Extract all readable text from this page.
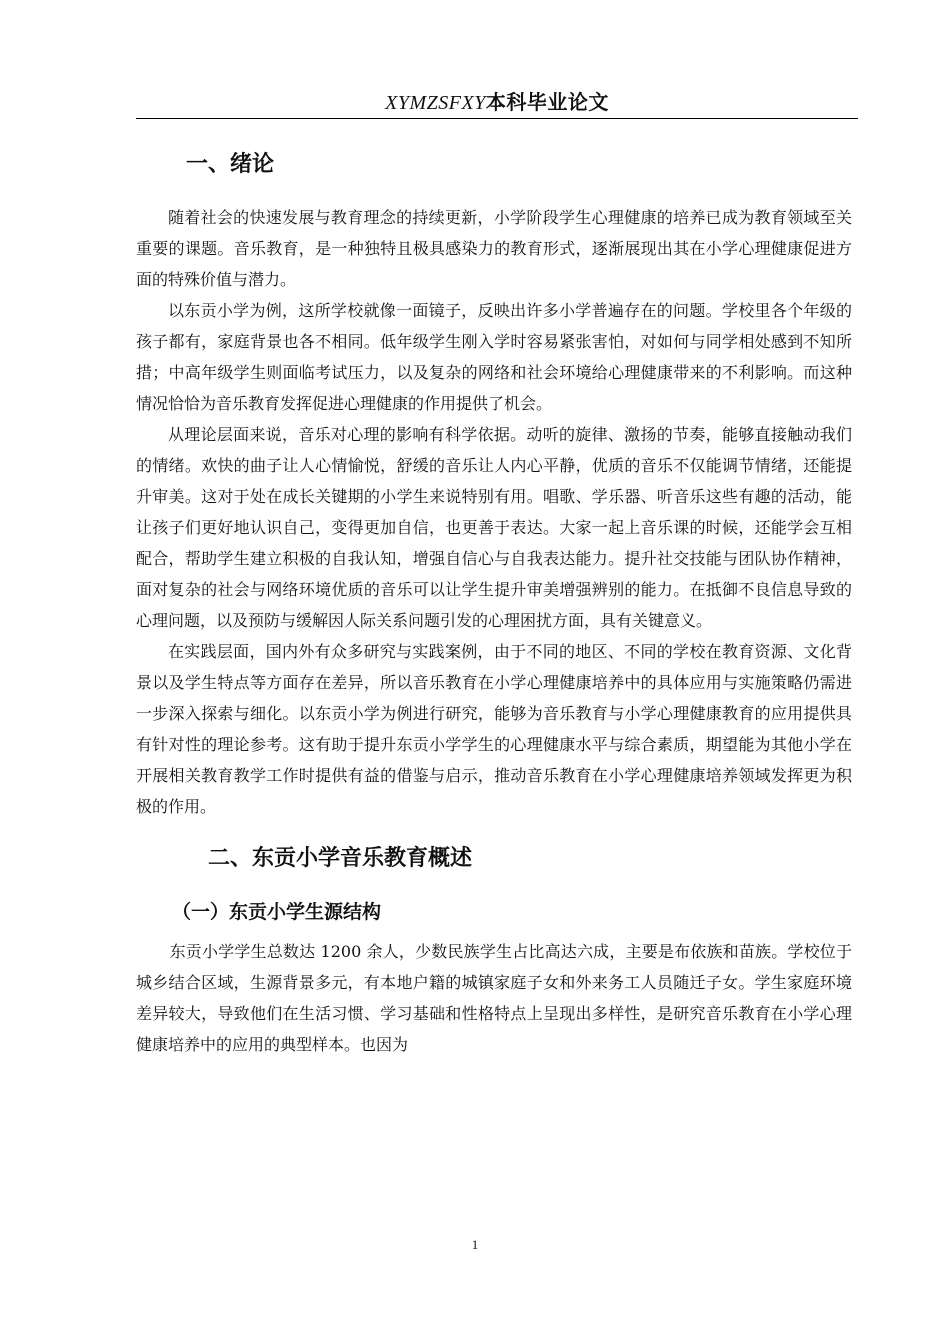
XYMZSFXY本科毕业论文
一、绪论

随着社会的快速发展与教育理念的持续更新，小学阶段学生心理健康的培养已成为教育领域至关重要的课题。音乐教育，是一种独特且极具感染力的教育形式，逐渐展现出其在小学心理健康促进方面的特殊价值与潜力。

以东贡小学为例，这所学校就像一面镜子，反映出许多小学普遍存在的问题。学校里各个年级的孩子都有，家庭背景也各不相同。低年级学生刚入学时容易紧张害怕，对如何与同学相处感到不知所措；中高年级学生则面临考试压力，以及复杂的网络和社会环境给心理健康带来的不利影响。而这种情况恰恰为音乐教育发挥促进心理健康的作用提供了机会。

从理论层面来说，音乐对心理的影响有科学依据。动听的旋律、激扬的节奏，能够直接触动我们的情绪。欢快的曲子让人心情愉悦，舒缓的音乐让人内心平静，优质的音乐不仅能调节情绪，还能提升审美。这对于处在成长关键期的小学生来说特别有用。唱歌、学乐器、听音乐这些有趣的活动，能让孩子们更好地认识自己，变得更加自信，也更善于表达。大家一起上音乐课的时候，还能学会互相配合，帮助学生建立积极的自我认知，增强自信心与自我表达能力。提升社交技能与团队协作精神，面对复杂的社会与网络环境优质的音乐可以让学生提升审美增强辨别的能力。在抵御不良信息导致的心理问题，以及预防与缓解因人际关系问题引发的心理困扰方面，具有关键意义。

在实践层面，国内外有众多研究与实践案例，由于不同的地区、不同的学校在教育资源、文化背景以及学生特点等方面存在差异，所以音乐教育在小学心理健康培养中的具体应用与实施策略仍需进一步深入探索与细化。以东贡小学为例进行研究，能够为音乐教育与小学心理健康教育的应用提供具有针对性的理论参考。这有助于提升东贡小学学生的心理健康水平与综合素质，期望能为其他小学在开展相关教育教学工作时提供有益的借鉴与启示，推动音乐教育在小学心理健康培养领域发挥更为积极的作用。

二、东贡小学音乐教育概述
（一）东贡小学生源结构

东贡小学学生总数达 1200 余人，少数民族学生占比高达六成，主要是布依族和苗族。学校位于城乡结合区域，生源背景多元，有本地户籍的城镇家庭子女和外来务工人员随迁子女。学生家庭环境差异较大，导致他们在生活习惯、学习基础和性格特点上呈现出多样性，是研究音乐教育在小学心理健康培养中的应用的典型样本。也因为

1
